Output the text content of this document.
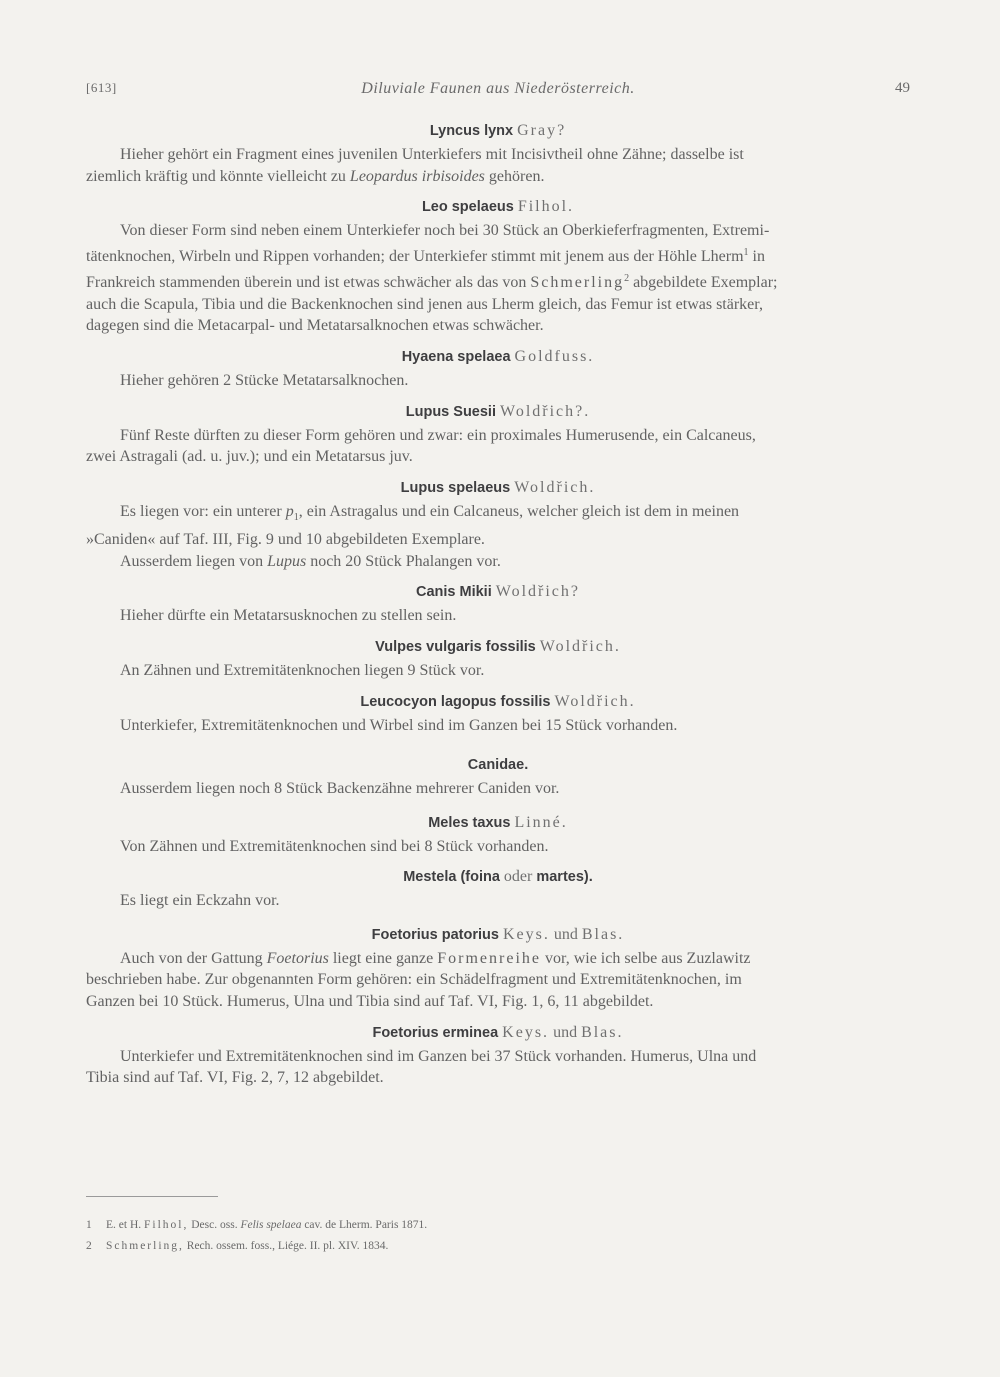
[613]	Diluviale Faunen aus Niederösterreich.	49
Lyncus lynx Gray?

Hieher gehört ein Fragment eines juvenilen Unterkiefers mit Incisivtheil ohne Zähne; dasselbe ist

ziemlich kräftig und könnte vielleicht zu Leopardus irbisoides gehören.

Leo spelaeus Filhol.

Von dieser Form sind neben einem Unterkiefer noch bei 30 Stück an Oberkieferfragmenten, Extremi-

tätenknochen, Wirbeln und Rippen vorhanden; der Unterkiefer stimmt mit jenem aus der Höhle Lherm$^1$ in

Frankreich stammenden überein und ist etwas schwächer als das von Schmerling$^2$ abgebildete Exemplar;

auch die Scapula, Tibia und die Backenknochen sind jenen aus Lherm gleich, das Femur ist etwas stärker,

dagegen sind die Metacarpal- und Metatarsalknochen etwas schwächer.

Hyaena spelaea Goldfuss.

Hieher gehören 2 Stücke Metatarsalknochen.

Lupus Suesii Woldřich?.

Fünf Reste dürften zu dieser Form gehören und zwar: ein proximales Humerusende, ein Calcaneus,

zwei Astragali (ad. u. juv.); und ein Metatarsus juv.

Lupus spelaeus Woldřich.

Es liegen vor: ein unterer $p_1$, ein Astragalus und ein Calcaneus, welcher gleich ist dem in meinen

»Caniden« auf Taf. III, Fig. 9 und 10 abgebildeten Exemplare.

Ausserdem liegen von Lupus noch 20 Stück Phalangen vor.

Canis Mikii Woldřich?

Hieher dürfte ein Metatarsusknochen zu stellen sein.

Vulpes vulgaris fossilis Woldřich.

An Zähnen und Extremitätenknochen liegen 9 Stück vor.

Leucocyon lagopus fossilis Woldřich.

Unterkiefer, Extremitätenknochen und Wirbel sind im Ganzen bei 15 Stück vorhanden.

Canidae.

Ausserdem liegen noch 8 Stück Backenzähne mehrerer Caniden vor.

Meles taxus Linné.

Von Zähnen und Extremitätenknochen sind bei 8 Stück vorhanden.

Mestela (foina oder martes).

Es liegt ein Eckzahn vor.

Foetorius patorius Keys. und Blas.

Auch von der Gattung Foetorius liegt eine ganze Formenreihe vor, wie ich selbe aus Zuzlawitz

beschrieben habe. Zur obgenannten Form gehören: ein Schädelfragment und Extremitätenknochen, im

Ganzen bei 10 Stück. Humerus, Ulna und Tibia sind auf Taf. VI, Fig. 1, 6, 11 abgebildet.

Foetorius erminea Keys. und Blas.

Unterkiefer und Extremitätenknochen sind im Ganzen bei 37 Stück vorhanden. Humerus, Ulna und

Tibia sind auf Taf. VI, Fig. 2, 7, 12 abgebildet.

1 E. et H. Filhol, Desc. oss. Felis spelaea cav. de Lherm. Paris 1871.
2 Schmerling, Rech. ossem. foss., Liége. II. pl. XIV. 1834.
